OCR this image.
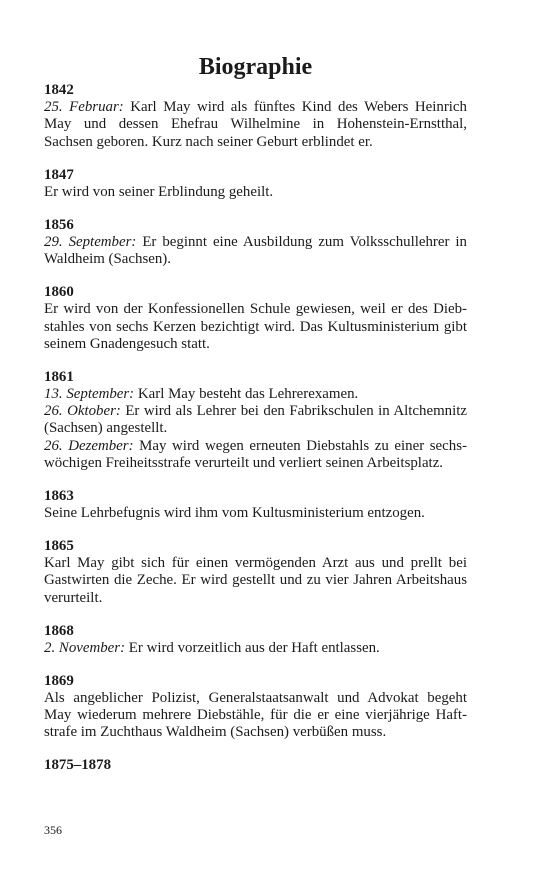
Biographie
1842
25. Februar: Karl May wird als fünftes Kind des Webers Heinrich
May und dessen Ehefrau Wilhelmine in Hohenstein-Ernstthal,
Sachsen geboren. Kurz nach seiner Geburt erblindet er.
1847
Er wird von seiner Erblindung geheilt.
1856
29. September: Er beginnt eine Ausbildung zum Volksschullehrer in
Waldheim (Sachsen).
1860
Er wird von der Konfessionellen Schule gewiesen, weil er des Dieb-
stahles von sechs Kerzen bezichtigt wird. Das Kultusministerium gibt
seinem Gnadengesuch statt.
1861
13. September: Karl May besteht das Lehrerexamen.
26. Oktober: Er wird als Lehrer bei den Fabrikschulen in Altchemnitz
(Sachsen) angestellt.
26. Dezember: May wird wegen erneuten Diebstahls zu einer sechs-
wöchigen Freiheitsstrafe verurteilt und verliert seinen Arbeitsplatz.
1863
Seine Lehrbefugnis wird ihm vom Kultusministerium entzogen.
1865
Karl May gibt sich für einen vermögenden Arzt aus und prellt bei
Gastwirten die Zeche. Er wird gestellt und zu vier Jahren Arbeitshaus
verurteilt.
1868
2. November: Er wird vorzeitlich aus der Haft entlassen.
1869
Als angeblicher Polizist, Generalstaatsanwalt und Advokat begeht
May wiederum mehrere Diebstähle, für die er eine vierjährige Haft-
strafe im Zuchthaus Waldheim (Sachsen) verbüßen muss.
1875–1878
356
